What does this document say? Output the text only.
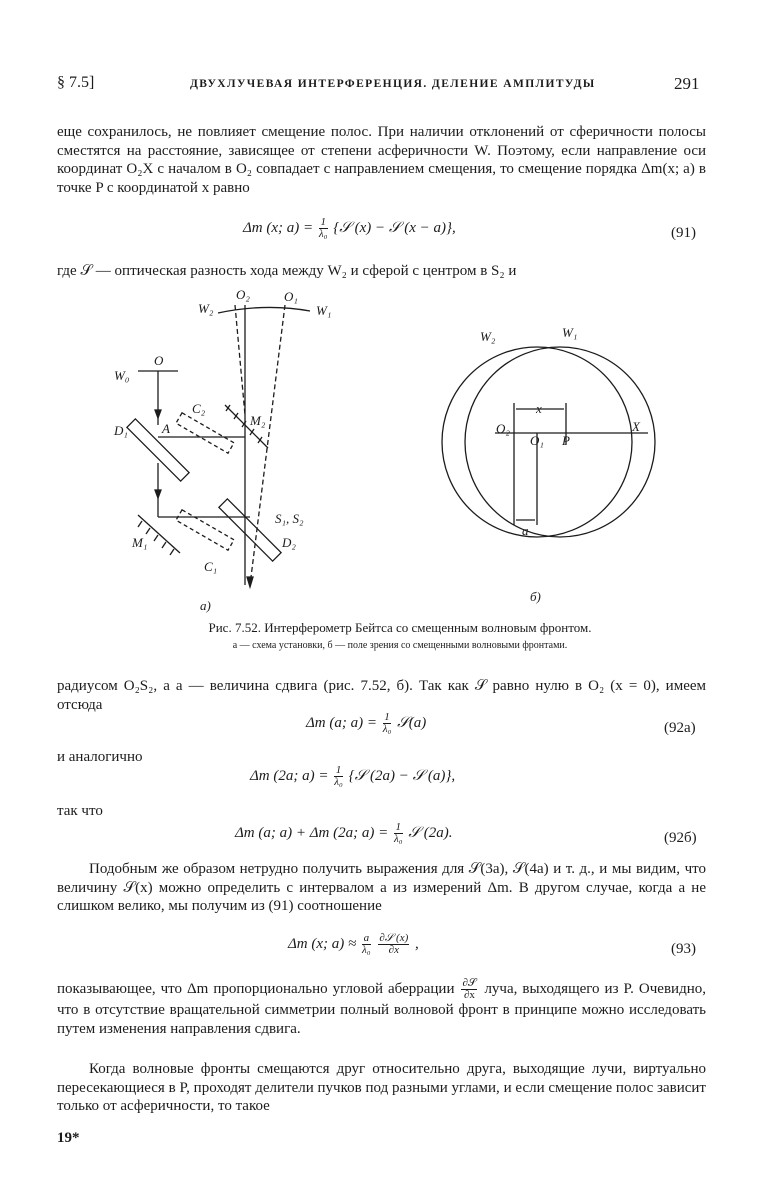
§ 7.5]	ДВУХЛУЧЕВАЯ ИНТЕРФЕРЕНЦИЯ. ДЕЛЕНИЕ АМПЛИТУДЫ	291
еще сохранилось, не повлияет смещение полос. При наличии отклонений от сферичности полосы сместятся на расстояние, зависящее от степени асферичности W. Поэтому, если направление оси координат O₂X с началом в O₂ совпадает с направлением смещения, то смещение порядка Δm(x; a) в точке P с координатой x равно
Δm (x; $a) = \frac{1}{\text{λ₀}}$ {𝒮 (x) − 𝒮 (x − a)},	(91)
где 𝒮 — оптическая разность хода между W₂ и сферой с центром в S₂ и
O₂	O₁
W₂	W₁
O
W₀
C₂
M₂
D₁	A
S₁, S₂
D₂
M₁
C₁
а)
W₂	W₁
x
O₂
O₁ P
X
a
б)
Рис. 7.52. Интерферометр Бейтса со смещенным волновым фронтом.
а — схема установки, б — поле зрения со смещенными волновыми фронтами.
радиусом O₂S₂, а a — величина сдвига (рис. 7.52, б). Так как 𝒮 равно нулю в O₂ (x = 0), имеем отсюда
Δm (a; $a) = \frac{1}{\text{λ₀}}$ 𝒮(a)	(92а)
и аналогично
Δm (2a; $a) = \frac{1}{\text{λ₀}}$ {𝒮 (2a) − 𝒮 (a)},
так что
Δm (a; a) + Δm (2a; $a) = \frac{1}{\text{λ₀}}$ 𝒮 (2a).	(92б)
Подобным же образом нетрудно получить выражения для 𝒮(3a), 𝒮(4a) и т. д., и мы видим, что величину 𝒮(x) можно определить с интервалом a из измерений Δm. В другом случае, когда a не слишком велико, мы получим из (91) соотношение
Δm (x; $a) \approx \frac{a}{\text{λ₀}}$
$\frac{\text{∂𝒮 (x)}}{\partial x}$ ,	(93)
показывающее, что Δm пропорционально угловой аберрации $\frac{\text{∂𝒮}}{\partial x}$ луча, выходящего из P. Очевидно, что в отсутствие вращательной симметрии полный волновой фронт в принципе можно исследовать путем изменения направления сдвига.
Когда волновые фронты смещаются друг относительно друга, выходящие лучи, виртуально пересекающиеся в P, проходят делители пучков под разными углами, и если смещение полос зависит только от асферичности, то такое
19*
